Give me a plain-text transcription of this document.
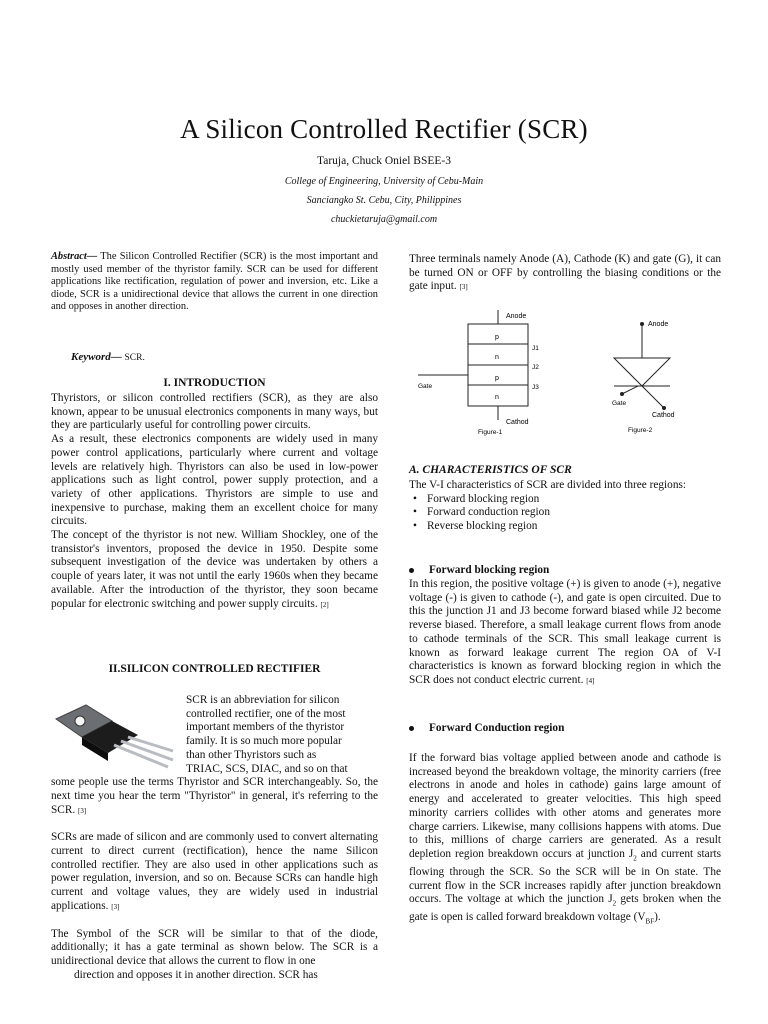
A Silicon Controlled Rectifier (SCR)
Taruja, Chuck Oniel BSEE-3
College of Engineering, University of Cebu-Main
Sanciangko St. Cebu, City, Philippines
chuckietaruja@gmail.com
Abstract— The Silicon Controlled Rectifier (SCR) is the most important and mostly used member of the thyristor family. SCR can be used for different applications like rectification, regulation of power and inversion, etc. Like a diode, SCR is a unidirectional device that allows the current in one direction and opposes in another direction.
Keyword— SCR.
I. INTRODUCTION

Thyristors, or silicon controlled rectifiers (SCR), as they are also known, appear to be unusual electronics components in many ways, but they are particularly useful for controlling power circuits.

As a result, these electronics components are widely used in many power control applications, particularly where current and voltage levels are relatively high. Thyristors can also be used in low-power applications such as light control, power supply protection, and a variety of other applications. Thyristors are simple to use and inexpensive to purchase, making them an excellent choice for many circuits.

The concept of the thyristor is not new. William Shockley, one of the transistor's inventors, proposed the device in 1950. Despite some subsequent investigation of the device was undertaken by others a couple of years later, it was not until the early 1960s when they became available. After the introduction of the thyristor, they soon became popular for electronic switching and power supply circuits. [2]

II.SILICON CONTROLLED RECTIFIER
SCR is an abbreviation for silicon
controlled rectifier, one of the most
important members of the thyristor
family. It is so much more popular
than other Thyristors such as
TRIAC, SCS, DIAC, and so on that

some people use the terms Thyristor and SCR interchangeably. So, the next time you hear the term "Thyristor" in general, it's referring to the SCR. [3]

SCRs are made of silicon and are commonly used to convert alternating current to direct current (rectification), hence the name Silicon controlled rectifier. They are also used in other applications such as power regulation, inversion, and so on. Because SCRs can handle high current and voltage values, they are widely used in industrial applications. [3]

The Symbol of the SCR will be similar to that of the diode, additionally; it has a gate terminal as shown below. The SCR is a unidirectional device that allows the current to flow in one

direction and opposes it in another direction. SCR has

Three terminals namely Anode (A), Cathode (K) and gate (G), it can be turned ON or OFF by controlling the biasing conditions or the gate input. [3]
Anode
p
n
p
n
J1
J2
J3
Gate
Cathod
Figure-1
Anode
Gate
Cathod
Figure-2
A. CHARACTERISTICS OF SCR

The V-I characteristics of SCR are divided into three regions:

• Forward blocking region
• Forward conduction region
• Reverse blocking region
Forward blocking region
In this region, the positive voltage (+) is given to anode (+), negative voltage (-) is given to cathode (-), and gate is open circuited. Due to this the junction J1 and J3 become forward biased while J2 become reverse biased. Therefore, a small leakage current flows from anode to cathode terminals of the SCR. This small leakage current is known as forward leakage current The region OA of V-I characteristics is known as forward blocking region in which the SCR does not conduct electric current. [4]
Forward Conduction region
If the forward bias voltage applied between anode and cathode is increased beyond the breakdown voltage, the minority carriers (free electrons in anode and holes in cathode) gains large amount of energy and accelerated to greater velocities. This high speed minority carriers collides with other atoms and generates more charge carriers. Likewise, many collisions happens with atoms. Due to this, millions of charge carriers are generated. As a result depletion region breakdown occurs at junction $J_2$ and current starts flowing through the SCR. So the SCR will be in On state. The current flow in the SCR increases rapidly after junction breakdown occurs. The voltage at which the junction $J_2$ gets broken when the gate is open is called forward breakdown voltage $(V_{BF})$.
